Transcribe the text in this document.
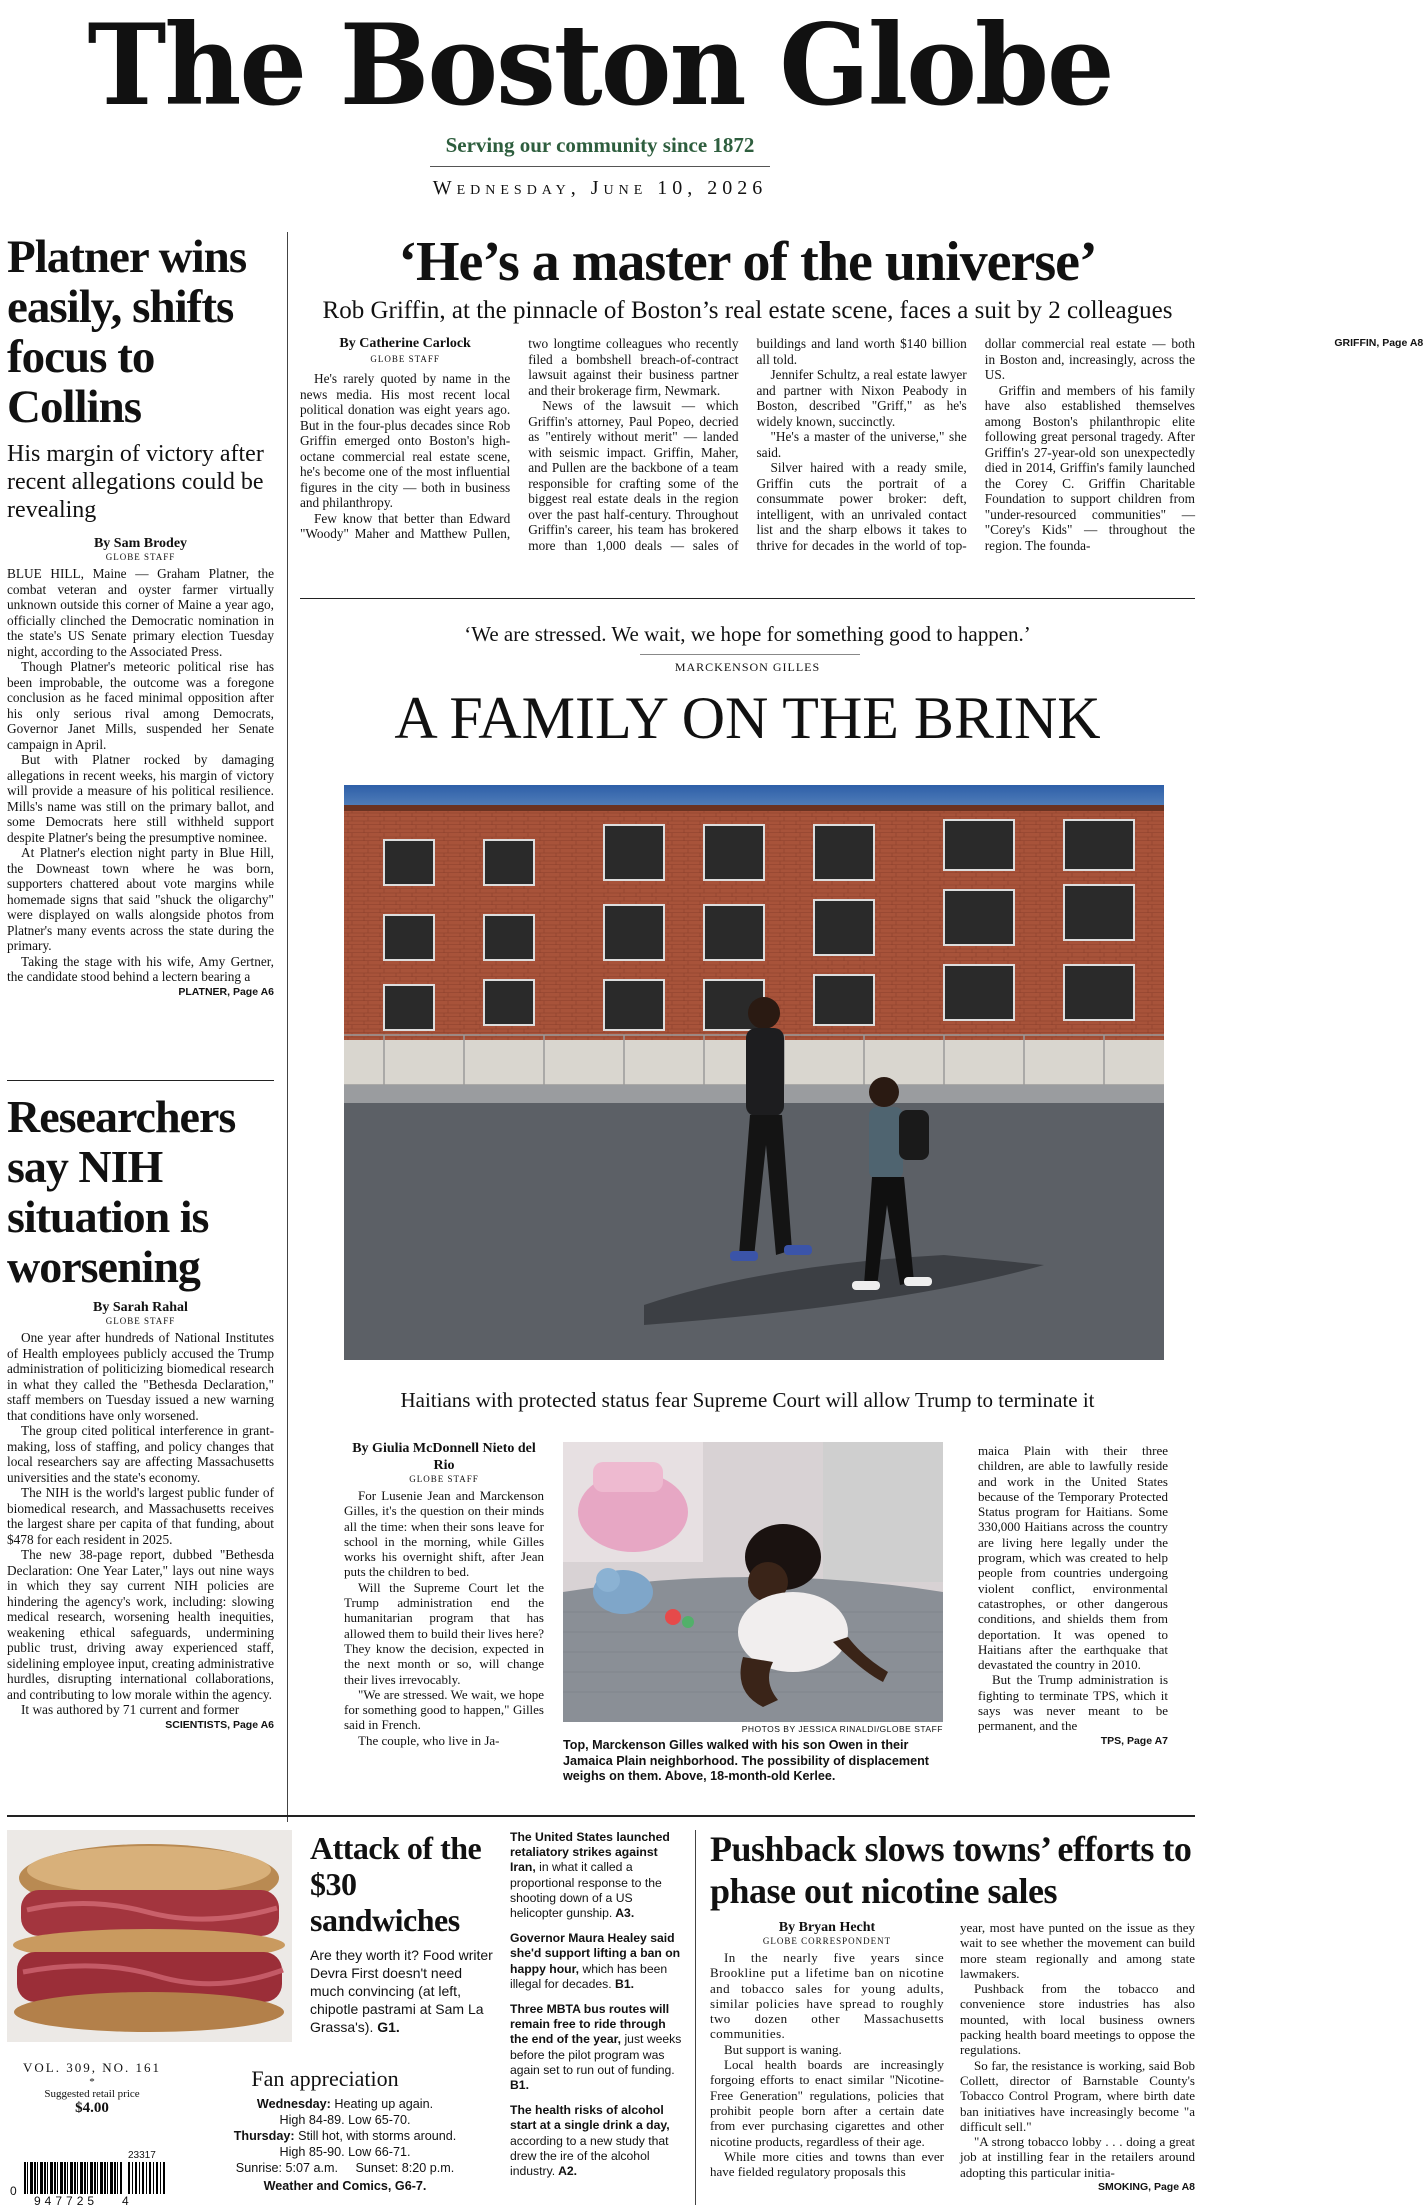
The Boston Globe
Serving our community since 1872
Wednesday, June 10, 2026
Platner wins easily, shifts focus to Collins
His margin of victory after recent allegations could be revealing
By Sam Brodey
GLOBE STAFF

BLUE HILL, Maine — Graham Platner, the combat veteran and oyster farmer virtually unknown outside this corner of Maine a year ago, officially clinched the Democratic nomination in the state's US Senate primary election Tuesday night, according to the Associated Press.

Though Platner's meteoric political rise has been improbable, the outcome was a foregone conclusion as he faced minimal opposition after his only serious rival among Democrats, Governor Janet Mills, suspended her Senate campaign in April.

But with Platner rocked by damaging allegations in recent weeks, his margin of victory will provide a measure of his political resilience. Mills's name was still on the primary ballot, and some Democrats here still withheld support despite Platner's being the presumptive nominee.

At Platner's election night party in Blue Hill, the Downeast town where he was born, supporters chattered about vote margins while homemade signs that said "shuck the oligarchy" were displayed on walls alongside photos from Platner's many events across the state during the primary.

Taking the stage with his wife, Amy Gertner, the candidate stood behind a lectern bearing a

PLATNER, Page A6
Researchers say NIH situation is worsening
By Sarah Rahal
GLOBE STAFF

One year after hundreds of National Institutes of Health employees publicly accused the Trump administration of politicizing biomedical research in what they called the "Bethesda Declaration," staff members on Tuesday issued a new warning that conditions have only worsened.

The group cited political interference in grant-making, loss of staffing, and policy changes that local researchers say are affecting Massachusetts universities and the state's economy.

The NIH is the world's largest public funder of biomedical research, and Massachusetts receives the largest share per capita of that funding, about $478 for each resident in 2025.

The new 38-page report, dubbed "Bethesda Declaration: One Year Later," lays out nine ways in which they say current NIH policies are hindering the agency's work, including: slowing medical research, worsening health inequities, weakening ethical safeguards, undermining public trust, driving away experienced staff, sidelining employee input, creating administrative hurdles, disrupting international collaborations, and contributing to low morale within the agency.

It was authored by 71 current and former

SCIENTISTS, Page A6
‘He’s a master of the universe’
Rob Griffin, at the pinnacle of Boston’s real estate scene, faces a suit by 2 colleagues
By Catherine Carlock
GLOBE STAFF

He's rarely quoted by name in the news media. His most recent local political donation was eight years ago. But in the four-plus decades since Rob Griffin emerged onto Boston's high-octane commercial real estate scene, he's become one of the most influential figures in the city — both in business and philanthropy.

Few know that better than Edward "Woody" Maher and Matthew Pullen, two longtime colleagues who recently filed a bombshell breach-of-contract lawsuit against their business partner and their brokerage firm, Newmark.

News of the lawsuit — which Griffin's attorney, Paul Popeo, decried as "entirely without merit" — landed with seismic impact. Griffin, Maher, and Pullen are the backbone of a team responsible for crafting some of the biggest real estate deals in the region over the past half-century. Throughout Griffin's career, his team has brokered more than 1,000 deals — sales of buildings and land worth $140 billion all told.

Jennifer Schultz, a real estate lawyer and partner with Nixon Peabody in Boston, described "Griff," as he's widely known, succinctly.

"He's a master of the universe," she said.

Silver haired with a ready smile, Griffin cuts the portrait of a consummate power broker: deft, intelligent, with an unrivaled contact list and the sharp elbows it takes to thrive for decades in the world of top-dollar commercial real estate — both in Boston and, increasingly, across the US.

Griffin and members of his family have also established themselves among Boston's philanthropic elite following great personal tragedy. After Griffin's 27-year-old son unexpectedly died in 2014, Griffin's family launched the Corey C. Griffin Charitable Foundation to support children from "under-resourced communities" — "Corey's Kids" — throughout the region. The founda-

GRIFFIN, Page A8
‘We are stressed. We wait, we hope for something good to happen.’
MARCKENSON GILLES
A FAMILY ON THE BRINK
Haitians with protected status fear Supreme Court will allow Trump to terminate it
By Giulia McDonnell Nieto del Rio
GLOBE STAFF

For Lusenie Jean and Marckenson Gilles, it's the question on their minds all the time: when their sons leave for school in the morning, while Gilles works his overnight shift, after Jean puts the children to bed.

Will the Supreme Court let the Trump administration end the humanitarian program that has allowed them to build their lives here? They know the decision, expected in the next month or so, will change their lives irrevocably.

"We are stressed. We wait, we hope for something good to happen," Gilles said in French.

The couple, who live in Ja-

PHOTOS BY JESSICA RINALDI/GLOBE STAFF
Top, Marckenson Gilles walked with his son Owen in their Jamaica Plain neighborhood. The possibility of displacement weighs on them. Above, 18-month-old Kerlee.

maica Plain with their three children, are able to lawfully reside and work in the United States because of the Temporary Protected Status program for Haitians. Some 330,000 Haitians across the country are living here legally under the program, which was created to help people from countries undergoing violent conflict, environmental catastrophes, or other dangerous conditions, and shields them from deportation. It was opened to Haitians after the earthquake that devastated the country in 2010.

But the Trump administration is fighting to terminate TPS, which it says was never meant to be permanent, and the

TPS, Page A7
Attack of the $30 sandwiches
Are they worth it? Food writer Devra First doesn't need much convincing (at left, chipotle pastrami at Sam La Grassa's). G1.
VOL. 309, NO. 161
*
Suggested retail price
$4.00
23317
0
947725 4
Fan appreciation
Wednesday: Heating up again.
High 84-89. Low 65-70.
Thursday: Still hot, with storms around.
High 85-90. Low 66-71.
Sunrise: 5:07 a.m.     Sunset: 8:20 p.m.
Weather and Comics, G6-7.
The United States launched retaliatory strikes against Iran, in what it called a proportional response to the shooting down of a US helicopter gunship. A3.
Governor Maura Healey said she'd support lifting a ban on happy hour, which has been illegal for decades. B1.
Three MBTA bus routes will remain free to ride through the end of the year, just weeks before the pilot program was again set to run out of funding. B1.
The health risks of alcohol start at a single drink a day, according to a new study that drew the ire of the alcohol industry. A2.
Pushback slows towns’ efforts to phase out nicotine sales
By Bryan Hecht
GLOBE CORRESPONDENT

In the nearly five years since Brookline put a lifetime ban on nicotine and tobacco sales for young adults, similar policies have spread to roughly two dozen other Massachusetts communities.

But support is waning.

Local health boards are increasingly forgoing efforts to enact similar "Nicotine-Free Generation" regulations, policies that prohibit people born after a certain date from ever purchasing cigarettes and other nicotine products, regardless of their age.

While more cities and towns than ever have fielded regulatory proposals this

year, most have punted on the issue as they wait to see whether the movement can build more steam regionally and among state lawmakers.

Pushback from the tobacco and convenience store industries has also mounted, with local business owners packing health board meetings to oppose the regulations.

So far, the resistance is working, said Bob Collett, director of Barnstable County's Tobacco Control Program, where birth date ban initiatives have increasingly become "a difficult sell."

"A strong tobacco lobby . . . doing a great job at instilling fear in the retailers around adopting this particular initia-

SMOKING, Page A8
